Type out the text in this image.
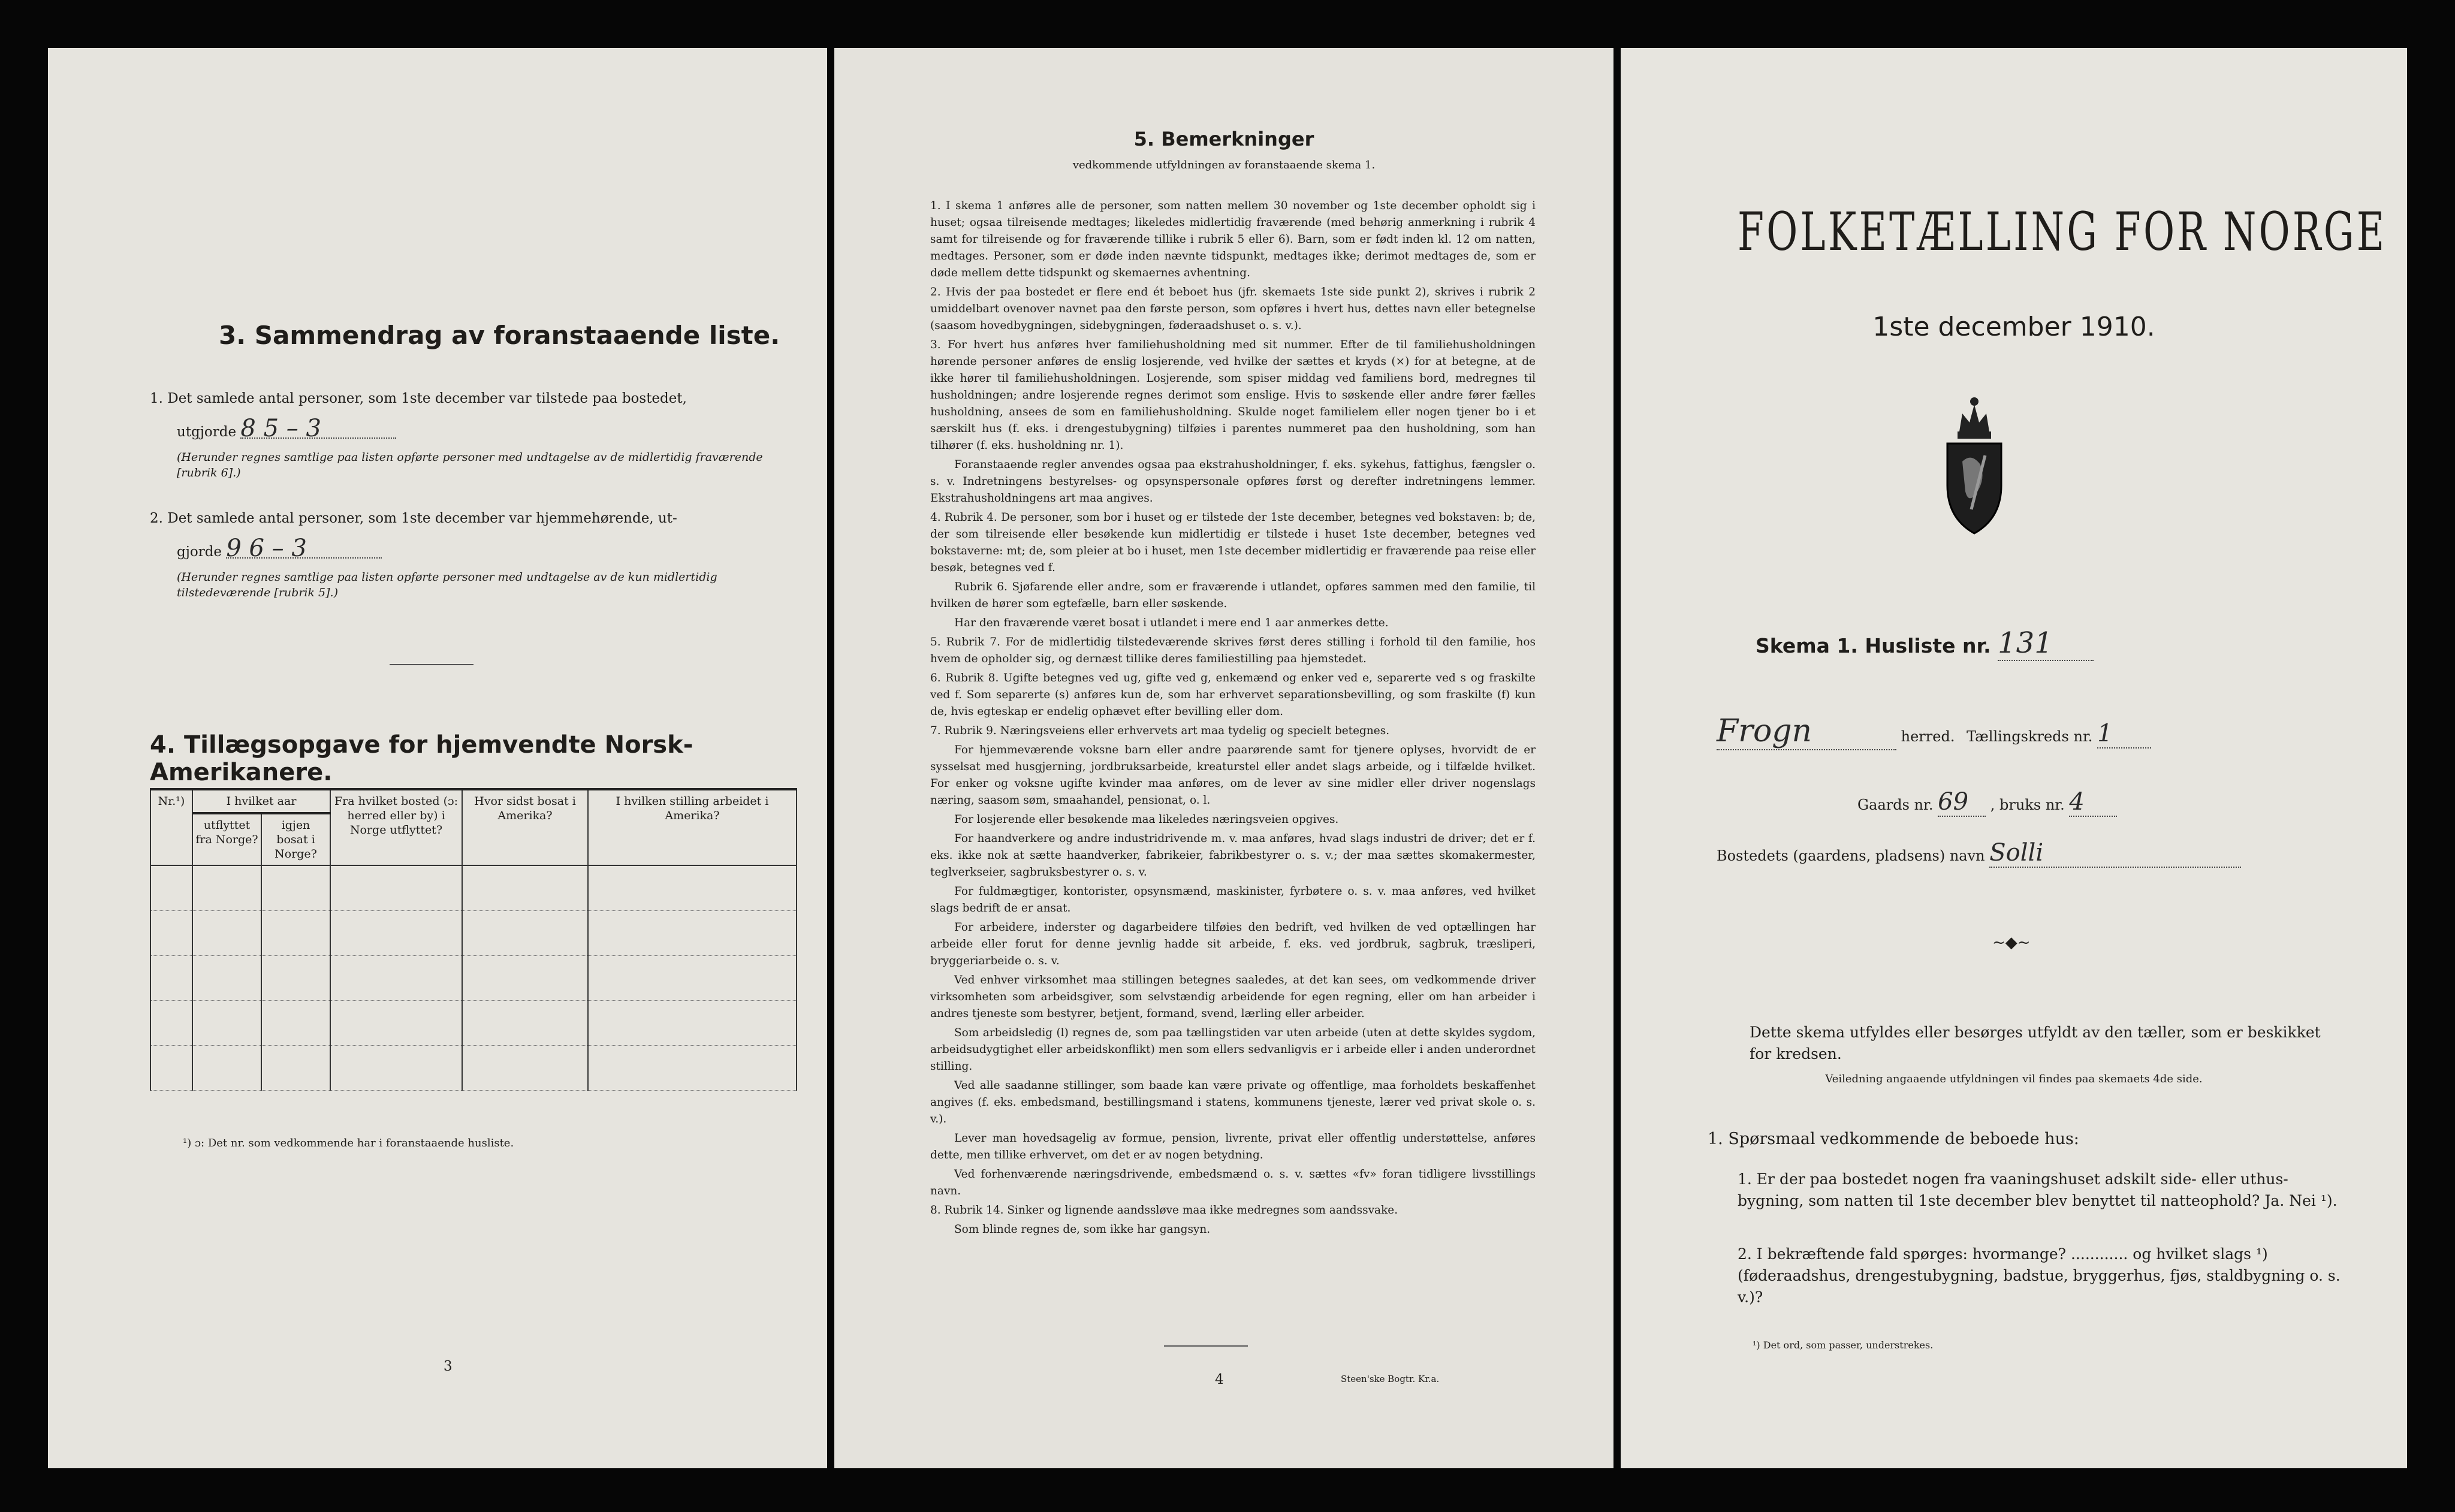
3. Sammendrag av foranstaaende liste.
1. Det samlede antal personer, som 1ste december var tilstede paa bostedet,
utgjorde 8 5 – 3
(Herunder regnes samtlige paa listen opførte personer med undtagelse av de midlertidig fraværende [rubrik 6].)
2. Det samlede antal personer, som 1ste december var hjemmehørende, ut-
gjorde 9 6 – 3
(Herunder regnes samtlige paa listen opførte personer med undtagelse av de kun midlertidig tilstedeværende [rubrik 5].)
4. Tillægsopgave for hjemvendte Norsk-Amerikanere.
Nr.¹)	I hvilket aar		Fra hvilket bosted (ɔ: herred eller by) i Norge utflyttet?	Hvor sidst bosat i Amerika?	I hvilken stilling arbeidet i Amerika?
	utflyttet fra Norge?	igjen bosat i Norge?			

¹) ɔ: Det nr. som vedkommende har i foranstaaende husliste.
3
5. Bemerkninger
vedkommende utfyldningen av foranstaaende skema 1.

1. I skema 1 anføres alle de personer, som natten mellem 30 november og 1ste december opholdt sig i huset; ogsaa tilreisende medtages; likeledes midlertidig fraværende (med behørig anmerkning i rubrik 4 samt for tilreisende og for fraværende tillike i rubrik 5 eller 6). Barn, som er født inden kl. 12 om natten, medtages. Personer, som er døde inden nævnte tidspunkt, medtages ikke; derimot medtages de, som er døde mellem dette tidspunkt og skemaernes avhentning.

2. Hvis der paa bostedet er flere end ét beboet hus (jfr. skemaets 1ste side punkt 2), skrives i rubrik 2 umiddelbart ovenover navnet paa den første person, som opføres i hvert hus, dettes navn eller betegnelse (saasom hovedbygningen, sidebygningen, føderaadshuset o. s. v.).

3. For hvert hus anføres hver familiehusholdning med sit nummer. Efter de til familiehusholdningen hørende personer anføres de enslig losjerende, ved hvilke der sættes et kryds (×) for at betegne, at de ikke hører til familiehusholdningen. Losjerende, som spiser middag ved familiens bord, medregnes til husholdningen; andre losjerende regnes derimot som enslige. Hvis to søskende eller andre fører fælles husholdning, ansees de som en familiehusholdning. Skulde noget familielem eller nogen tjener bo i et særskilt hus (f. eks. i drengestubygning) tilføies i parentes nummeret paa den husholdning, som han tilhører (f. eks. husholdning nr. 1).

Foranstaaende regler anvendes ogsaa paa ekstrahusholdninger, f. eks. sykehus, fattighus, fængsler o. s. v. Indretningens bestyrelses- og opsynspersonale opføres først og derefter indretningens lemmer. Ekstrahusholdningens art maa angives.

4. Rubrik 4. De personer, som bor i huset og er tilstede der 1ste december, betegnes ved bokstaven: b; de, der som tilreisende eller besøkende kun midlertidig er tilstede i huset 1ste december, betegnes ved bokstaverne: mt; de, som pleier at bo i huset, men 1ste december midlertidig er fraværende paa reise eller besøk, betegnes ved f.

Rubrik 6. Sjøfarende eller andre, som er fraværende i utlandet, opføres sammen med den familie, til hvilken de hører som egtefælle, barn eller søskende.

Har den fraværende været bosat i utlandet i mere end 1 aar anmerkes dette.

5. Rubrik 7. For de midlertidig tilstedeværende skrives først deres stilling i forhold til den familie, hos hvem de opholder sig, og dernæst tillike deres familiestilling paa hjemstedet.

6. Rubrik 8. Ugifte betegnes ved ug, gifte ved g, enkemænd og enker ved e, separerte ved s og fraskilte ved f. Som separerte (s) anføres kun de, som har erhvervet separationsbevilling, og som fraskilte (f) kun de, hvis egteskap er endelig ophævet efter bevilling eller dom.

7. Rubrik 9. Næringsveiens eller erhvervets art maa tydelig og specielt betegnes.

For hjemmeværende voksne barn eller andre paarørende samt for tjenere oplyses, hvorvidt de er sysselsat med husgjerning, jordbruksarbeide, kreaturstel eller andet slags arbeide, og i tilfælde hvilket. For enker og voksne ugifte kvinder maa anføres, om de lever av sine midler eller driver nogenslags næring, saasom søm, smaahandel, pensionat, o. l.

For losjerende eller besøkende maa likeledes næringsveien opgives.

For haandverkere og andre industridrivende m. v. maa anføres, hvad slags industri de driver; det er f. eks. ikke nok at sætte haandverker, fabrikeier, fabrikbestyrer o. s. v.; der maa sættes skomakermester, teglverkseier, sagbruksbestyrer o. s. v.

For fuldmægtiger, kontorister, opsynsmænd, maskinister, fyrbøtere o. s. v. maa anføres, ved hvilket slags bedrift de er ansat.

For arbeidere, inderster og dagarbeidere tilføies den bedrift, ved hvilken de ved optællingen har arbeide eller forut for denne jevnlig hadde sit arbeide, f. eks. ved jordbruk, sagbruk, træsliperi, bryggeriarbeide o. s. v.

Ved enhver virksomhet maa stillingen betegnes saaledes, at det kan sees, om vedkommende driver virksomheten som arbeidsgiver, som selvstændig arbeidende for egen regning, eller om han arbeider i andres tjeneste som bestyrer, betjent, formand, svend, lærling eller arbeider.

Som arbeidsledig (l) regnes de, som paa tællingstiden var uten arbeide (uten at dette skyldes sygdom, arbeidsudygtighet eller arbeidskonflikt) men som ellers sedvanligvis er i arbeide eller i anden underordnet stilling.

Ved alle saadanne stillinger, som baade kan være private og offentlige, maa forholdets beskaffenhet angives (f. eks. embedsmand, bestillingsmand i statens, kommunens tjeneste, lærer ved privat skole o. s. v.).

Lever man hovedsagelig av formue, pension, livrente, privat eller offentlig understøttelse, anføres dette, men tillike erhvervet, om det er av nogen betydning.

Ved forhenværende næringsdrivende, embedsmænd o. s. v. sættes «fv» foran tidligere livsstillings navn.

8. Rubrik 14. Sinker og lignende aandssløve maa ikke medregnes som aandssvake.

Som blinde regnes de, som ikke har gangsyn.

4	Steen'ske Bogtr. Kr.a.
FOLKETÆLLING FOR NORGE
1ste december 1910.
Skema 1. Husliste nr. 131
Frogn	herred. Tællingskreds nr. 1
Gaards nr. 69 , bruks nr. 4
Bostedets (gaardens, pladsens) navn Solli
~◆~
Dette skema utfyldes eller besørges utfyldt av den tæller, som er beskikket for kredsen.
Veiledning angaaende utfyldningen vil findes paa skemaets 4de side.
1. Spørsmaal vedkommende de beboede hus:
1. Er der paa bostedet nogen fra vaaningshuset adskilt side- eller uthus-bygning, som natten til 1ste december blev benyttet til natteophold? Ja. Nei ¹).
2. I bekræftende fald spørges: hvormange? ............ og hvilket slags ¹) (føderaadshus, drengestubygning, badstue, bryggerhus, fjøs, staldbygning o. s. v.)?
¹) Det ord, som passer, understrekes.
